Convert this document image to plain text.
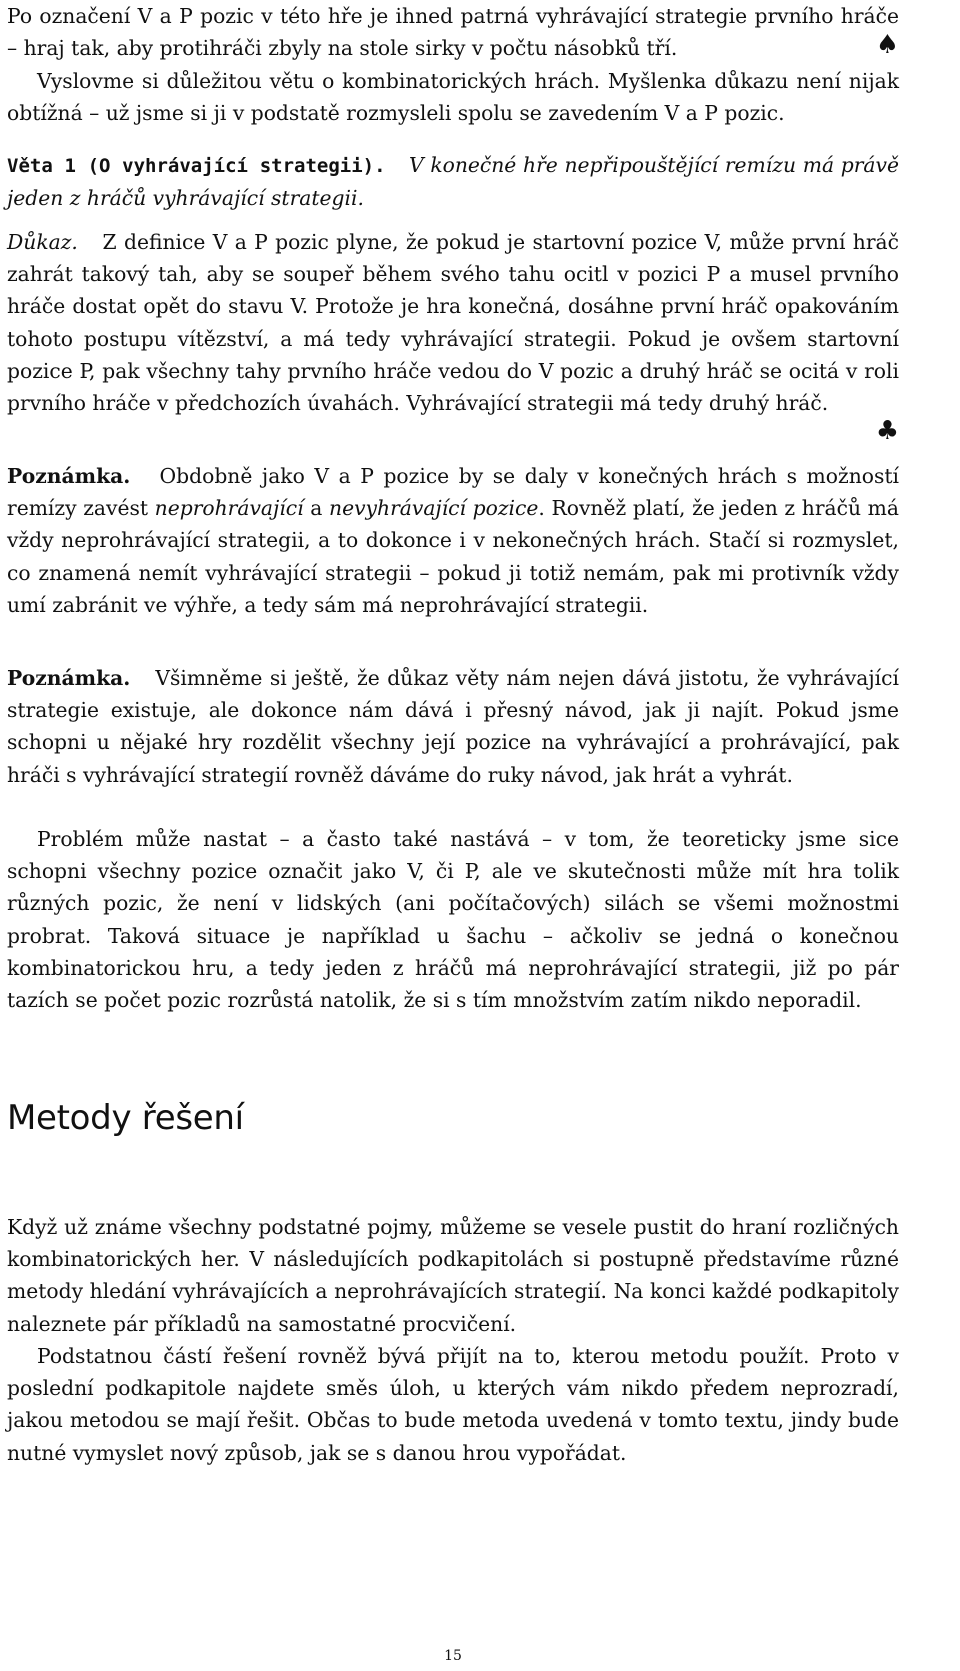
Po označení V a P pozic v této hře je ihned patrná vyhrávající strategie prvního hráče – hraj tak, aby protihráči zbyly na stole sirky v počtu násobků tří.	♠

Vyslovme si důležitou větu o kombinatorických hrách. Myšlenka důkazu není nijak obtížná – už jsme si ji v podstatě rozmysleli spolu se zavedením V a P pozic.

Věta 1 (O vyhrávající strategii). V konečné hře nepřipouštějící remízu má právě jeden z hráčů vyhrávající strategii.

Důkaz. Z definice V a P pozic plyne, že pokud je startovní pozice V, může první hráč zahrát takový tah, aby se soupeř během svého tahu ocitl v pozici P a musel prvního hráče dostat opět do stavu V. Protože je hra konečná, dosáhne první hráč opakováním tohoto postupu vítězství, a má tedy vyhrávající strategii. Pokud je ovšem startovní pozice P, pak všechny tahy prvního hráče vedou do V pozic a druhý hráč se ocitá v roli prvního hráče v předchozích úvahách. Vyhrávající strategii má tedy druhý hráč.

♣

Poznámka. Obdobně jako V a P pozice by se daly v konečných hrách s možností remízy zavést neprohrávající a nevyhrávající pozice. Rovněž platí, že jeden z hráčů má vždy neprohrávající strategii, a to dokonce i v nekonečných hrách. Stačí si rozmyslet, co znamená nemít vyhrávající strategii – pokud ji totiž nemám, pak mi protivník vždy umí zabránit ve výhře, a tedy sám má neprohrávající strategii.

Poznámka. Všimněme si ještě, že důkaz věty nám nejen dává jistotu, že vyhrávající strategie existuje, ale dokonce nám dává i přesný návod, jak ji najít. Pokud jsme schopni u nějaké hry rozdělit všechny její pozice na vyhrávající a prohrávající, pak hráči s vyhrávající strategií rovněž dáváme do ruky návod, jak hrát a vyhrát.

Problém může nastat – a často také nastává – v tom, že teoreticky jsme sice schopni všechny pozice označit jako V, či P, ale ve skutečnosti může mít hra tolik různých pozic, že není v lidských (ani počítačových) silách se všemi možnostmi probrat. Taková situace je například u šachu – ačkoliv se jedná o konečnou kombinatorickou hru, a tedy jeden z hráčů má neprohrávající strategii, již po pár tazích se počet pozic rozrůstá natolik, že si s tím množstvím zatím nikdo neporadil.

Metody řešení

Když už známe všechny podstatné pojmy, můžeme se vesele pustit do hraní rozličných kombinatorických her. V následujících podkapitolách si postupně představíme různé metody hledání vyhrávajících a neprohrávajících strategií. Na konci každé podkapitoly naleznete pár příkladů na samostatné procvičení.

Podstatnou částí řešení rovněž bývá přijít na to, kterou metodu použít. Proto v poslední podkapitole najdete směs úloh, u kterých vám nikdo předem neprozradí, jakou metodou se mají řešit. Občas to bude metoda uvedená v tomto textu, jindy bude nutné vymyslet nový způsob, jak se s danou hrou vypořádat.

15
